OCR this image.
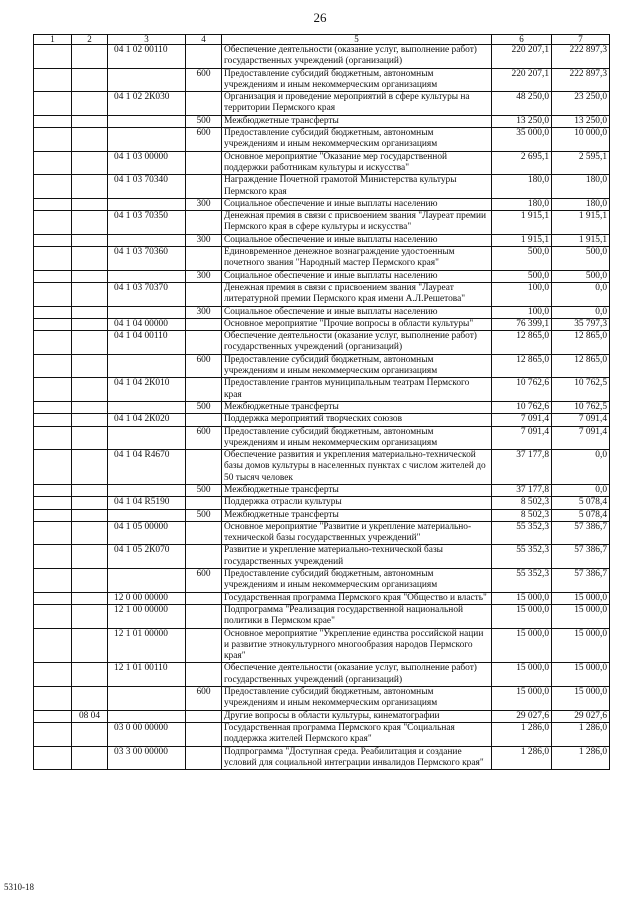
26
1	2	3	4	5	6	7
		04 1 02 00110		Обеспечение деятельности (оказание услуг, выполнение работ) государственных учреждений (организаций)	220 207,1	222 897,3
			600	Предоставление субсидий бюджетным, автономным учреждениям и иным некоммерческим организациям	220 207,1	222 897,3
		04 1 02 2К030		Организация и проведение мероприятий в сфере культуры на территории Пермского края	48 250,0	23 250,0
			500	Межбюджетные трансферты	13 250,0	13 250,0
			600	Предоставление субсидий бюджетным, автономным учреждениям и иным некоммерческим организациям	35 000,0	10 000,0
		04 1 03 00000		Основное мероприятие "Оказание мер государственной поддержки работникам культуры и искусства"	2 695,1	2 595,1
		04 1 03 70340		Награждение Почетной грамотой Министерства культуры Пермского края	180,0	180,0
			300	Социальное обеспечение и иные выплаты населению	180,0	180,0
		04 1 03 70350		Денежная премия в связи с присвоением звания "Лауреат премии Пермского края в сфере культуры и искусства"	1 915,1	1 915,1
			300	Социальное обеспечение и иные выплаты населению	1 915,1	1 915,1
		04 1 03 70360		Единовременное денежное вознаграждение удостоенным почетного звания "Народный мастер Пермского края"	500,0	500,0
			300	Социальное обеспечение и иные выплаты населению	500,0	500,0
		04 1 03 70370		Денежная премия в связи с присвоением звания "Лауреат литературной премии Пермского края имени А.Л.Решетова"	100,0	0,0
			300	Социальное обеспечение и иные выплаты населению	100,0	0,0
		04 1 04 00000		Основное мероприятие "Прочие вопросы в области культуры"	76 399,1	35 797,3
		04 1 04 00110		Обеспечение деятельности (оказание услуг, выполнение работ) государственных учреждений (организаций)	12 865,0	12 865,0
			600	Предоставление субсидий бюджетным, автономным учреждениям и иным некоммерческим организациям	12 865,0	12 865,0
		04 1 04 2К010		Предоставление грантов муниципальным театрам Пермского края	10 762,6	10 762,5
			500	Межбюджетные трансферты	10 762,6	10 762,5
		04 1 04 2К020		Поддержка мероприятий творческих союзов	7 091,4	7 091,4
			600	Предоставление субсидий бюджетным, автономным учреждениям и иным некоммерческим организациям	7 091,4	7 091,4
		04 1 04 R4670		Обеспечение развития и укрепления материально-технической базы домов культуры в населенных пунктах с числом жителей до 50 тысяч человек	37 177,8	0,0
			500	Межбюджетные трансферты	37 177,8	0,0
		04 1 04 R5190		Поддержка отрасли культуры	8 502,3	5 078,4
			500	Межбюджетные трансферты	8 502,3	5 078,4
		04 1 05 00000		Основное мероприятие "Развитие и укрепление материально-технической базы государственных учреждений"	55 352,3	57 386,7
		04 1 05 2К070		Развитие и укрепление материально-технической базы государственных учреждений	55 352,3	57 386,7
			600	Предоставление субсидий бюджетным, автономным учреждениям и иным некоммерческим организациям	55 352,3	57 386,7
		12 0 00 00000		Государственная программа Пермского края "Общество и власть"	15 000,0	15 000,0
		12 1 00 00000		Подпрограмма "Реализация государственной национальной политики в Пермском крае"	15 000,0	15 000,0
		12 1 01 00000		Основное мероприятие "Укрепление единства российской нации и развитие этнокультурного многообразия народов Пермского края"	15 000,0	15 000,0
		12 1 01 00110		Обеспечение деятельности (оказание услуг, выполнение работ) государственных учреждений (организаций)	15 000,0	15 000,0
			600	Предоставление субсидий бюджетным, автономным учреждениям и иным некоммерческим организациям	15 000,0	15 000,0
	08 04			Другие вопросы в области культуры, кинематографии	29 027,6	29 027,6
		03 0 00 00000		Государственная программа Пермского края "Социальная поддержка жителей Пермского края"	1 286,0	1 286,0
		03 3 00 00000		Подпрограмма "Доступная среда. Реабилитация и создание условий для социальной интеграции инвалидов Пермского края"	1 286,0	1 286,0
5310-18
